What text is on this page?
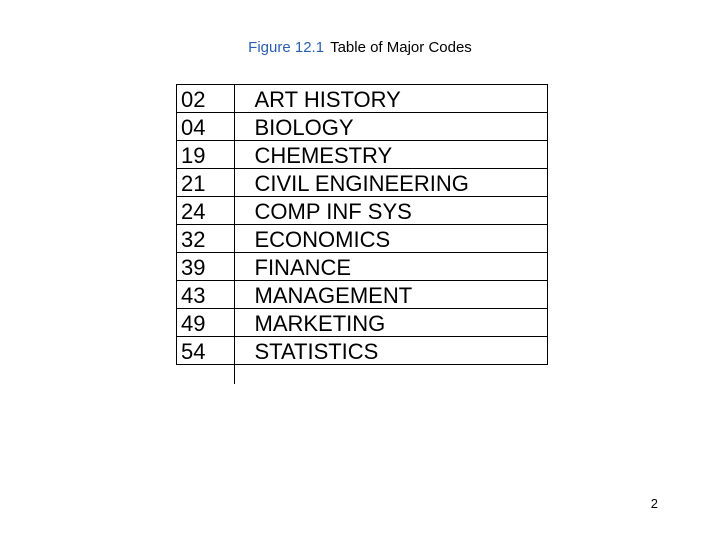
Figure 12.1 Table of Major Codes
02	ART HISTORY
04	BIOLOGY
19	CHEMESTRY
21	CIVIL ENGINEERING
24	COMP INF SYS
32	ECONOMICS
39	FINANCE
43	MANAGEMENT
49	MARKETING
54	STATISTICS
2
